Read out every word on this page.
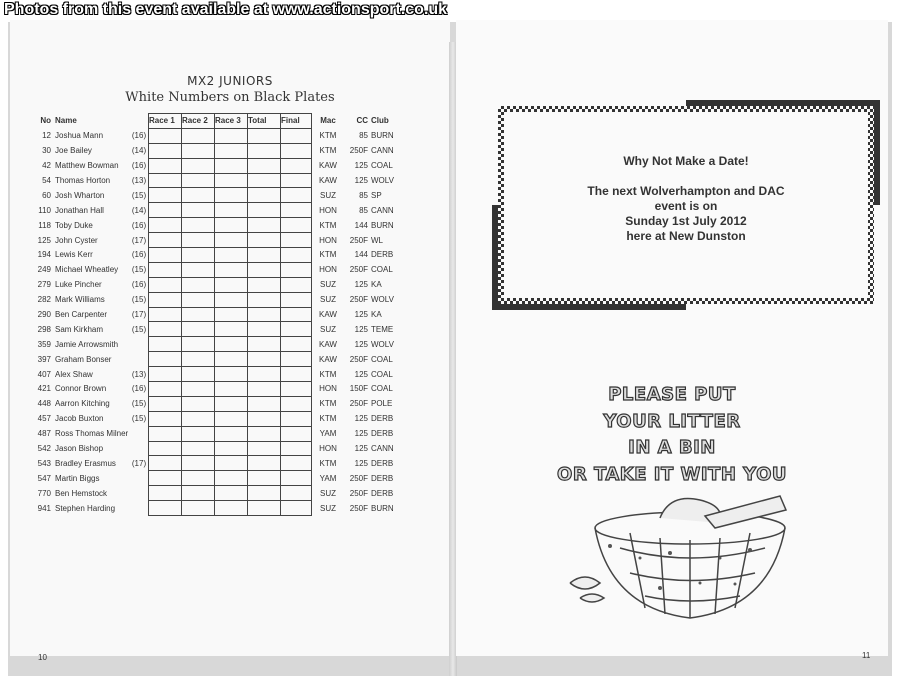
Photos from this event available at www.actionsport.co.uk
MX2 JUNIORS
White Numbers on Black Plates
No	Name		Race 1	Race 2	Race 3	Total	Final	Mac	CC	Club
12	Joshua Mann	(16)						KTM	85	BURN
30	Joe Bailey	(14)						KTM	250F	CANN
42	Matthew Bowman	(16)						KAW	125	COAL
54	Thomas Horton	(13)						KAW	125	WOLV
60	Josh Wharton	(15)						SUZ	85	SP
110	Jonathan Hall	(14)						HON	85	CANN
118	Toby Duke	(16)						KTM	144	BURN
125	John Cyster	(17)						HON	250F	WL
194	Lewis Kerr	(16)						KTM	144	DERB
249	Michael Wheatley	(15)						HON	250F	COAL
279	Luke Pincher	(16)						SUZ	125	KA
282	Mark Williams	(15)						SUZ	250F	WOLV
290	Ben Carpenter	(17)						KAW	125	KA
298	Sam Kirkham	(15)						SUZ	125	TEME
359	Jamie Arrowsmith							KAW	125	WOLV
397	Graham Bonser							KAW	250F	COAL
407	Alex Shaw	(13)						KTM	125	COAL
421	Connor Brown	(16)						HON	150F	COAL
448	Aarron Kitching	(15)						KTM	250F	POLE
457	Jacob Buxton	(15)						KTM	125	DERB
487	Ross Thomas Milner							YAM	125	DERB
542	Jason Bishop							HON	125	CANN
543	Bradley Erasmus	(17)						KTM	125	DERB
547	Martin Biggs							YAM	250F	DERB
770	Ben Hemstock							SUZ	250F	DERB
941	Stephen Harding							SUZ	250F	BURN
10
Why Not Make a Date!
The next Wolverhampton and DAC
event is on
Sunday 1st July 2012
here at New Dunston
PLEASE PUT
YOUR LITTER
IN A BIN
OR TAKE IT WITH YOU
11
